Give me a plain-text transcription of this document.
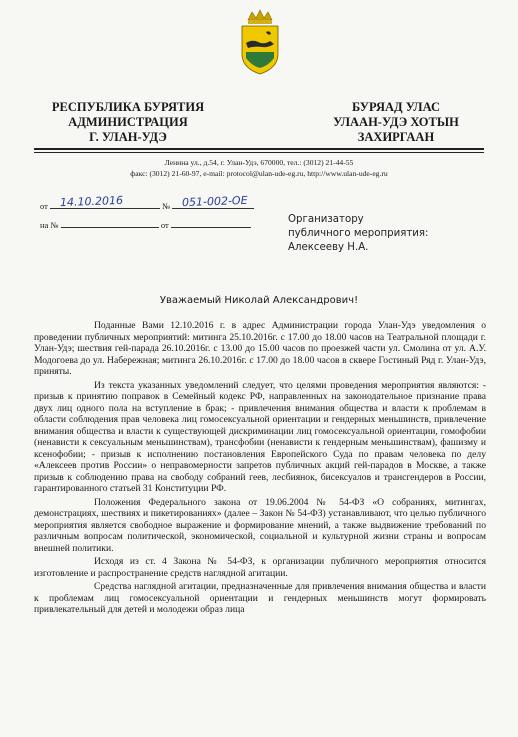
РЕСПУБЛИКА БУРЯТИЯ
АДМИНИСТРАЦИЯ
Г. УЛАН-УДЭ
БУРЯАД УЛАС
УЛААН-УДЭ ХОТЫН
ЗАХИРГААН
Ленина ул., д.54, г. Улан-Удэ, 670000, тел.: (3012) 21-44-55
факс: (3012) 21-60-97, e-mail: protocol@ulan-ude-eg.ru, http://www.ulan-ude-eg.ru
от	№
14.10.2016	051-002-ОЕ
на №	от	Организатору
публичного мероприятия:
Алексееву Н.А.
Уважаемый Николай Александрович!

Поданные Вами 12.10.2016 г. в адрес Администрации города Улан-Удэ уведомления о проведении публичных мероприятий: митинга 25.10.2016г. с 17.00 до 18.00 часов на Театральной площади г. Улан-Удэ; шествия гей-парада 26.10.2016г. с 13.00 до 15.00 часов по проезжей части ул. Смолина от ул. А.У. Модогоева до ул. Набережная; митинга 26.10.2016г. с 17.00 до 18.00 часов в сквере Гостиный Ряд г. Улан-Удэ, приняты.

Из текста указанных уведомлений следует, что целями проведения мероприятия являются: - призыв к принятию поправок в Семейный кодекс РФ, направленных на законодательное признание права двух лиц одного пола на вступление в брак; - привлечения внимания общества и власти к проблемам в области соблюдения прав человека лиц гомосексуальной ориентации и гендерных меньшинств, привлечение внимания общества и власти к существующей дискриминации лиц гомосексуальной ориентации, гомофобии (ненависти к сексуальным меньшинствам), трансфобии (ненависти к гендерным меньшинствам), фашизму и ксенофобии; - призыв к исполнению постановления Европейского Суда по правам человека по делу «Алексеев против России» о неправомерности запретов публичных акций гей-парадов в Москве, а также призыв к соблюдению права на свободу собраний геев, лесбиянок, бисексуалов и трансгендеров в России, гарантированного статьей 31 Конституции РФ.

Положения Федерального закона от 19.06.2004 № 54-ФЗ «О собраниях, митингах, демонстрациях, шествиях и пикетированиях» (далее – Закон № 54-ФЗ) устанавливают, что целью публичного мероприятия является свободное выражение и формирование мнений, а также выдвижение требований по различным вопросам политической, экономической, социальной и культурной жизни страны и вопросам внешней политики.

Исходя из ст. 4 Закона № 54-ФЗ, к организации публичного мероприятия относится изготовление и распространение средств наглядной агитации.

Средства наглядной агитации, предназначенные для привлечения внимания общества и власти к проблемам лиц гомосексуальной ориентации и гендерных меньшинств могут формировать привлекательный для детей и молодежи образ лица
